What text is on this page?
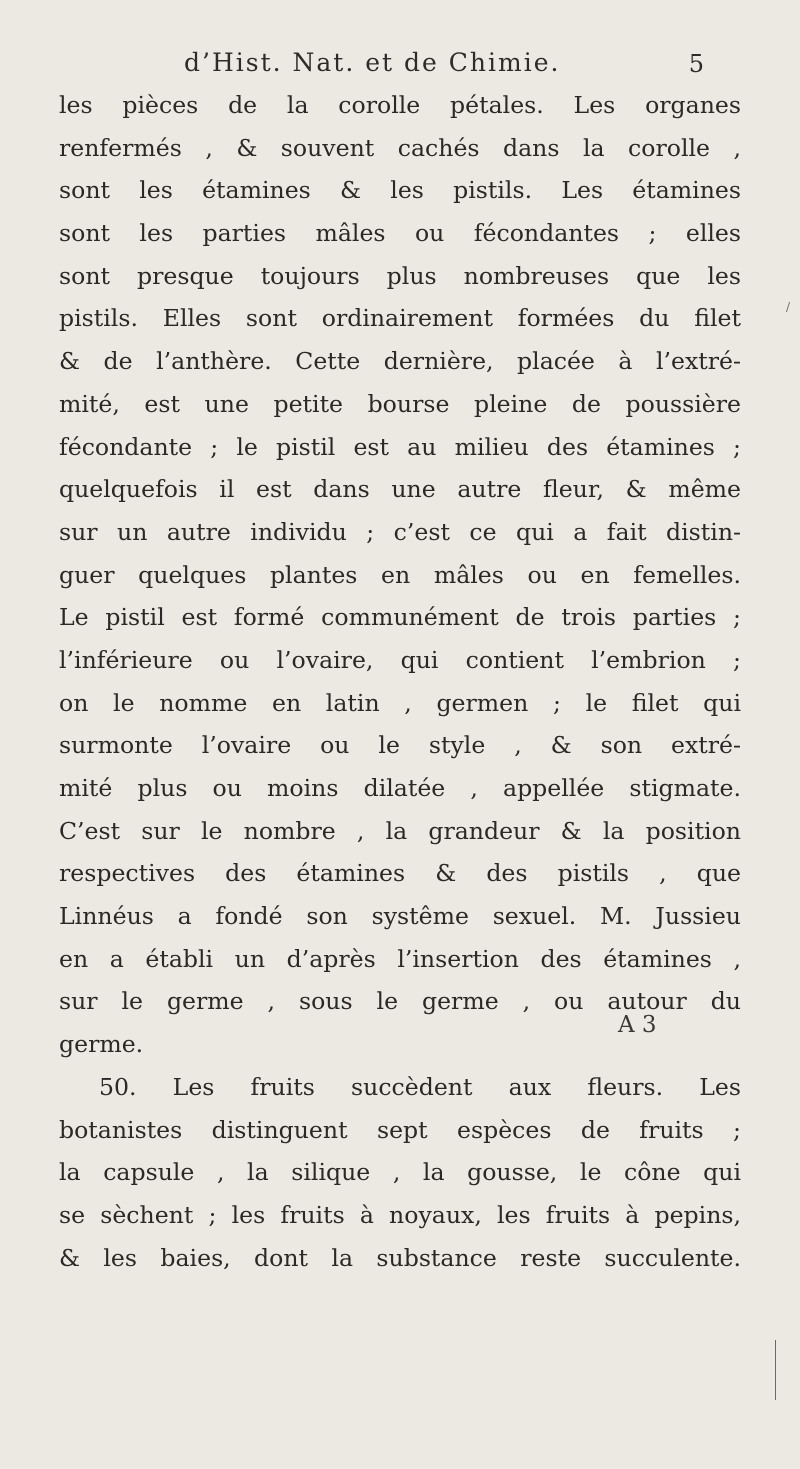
d’Hist. Nat. et de Chimie.	5
les pièces de la corolle pétales. Les organes
renfermés , & souvent cachés dans la corolle ,
sont les étamines & les pistils. Les étamines
sont les parties mâles ou fécondantes ; elles
sont presque toujours plus nombreuses que les
pistils. Elles sont ordinairement formées du filet
& de l’anthère. Cette dernière, placée à l’extré-
mité, est une petite bourse pleine de poussière
fécondante ; le pistil est au milieu des étamines ;
quelquefois il est dans une autre fleur, & même
sur un autre individu ; c’est ce qui a fait distin-
guer quelques plantes en mâles ou en femelles.
Le pistil est formé communément de trois parties ;
l’inférieure ou l’ovaire, qui contient l’embrion ;
on le nomme en latin , germen ; le filet qui
surmonte l’ovaire ou le style , & son extré-
mité plus ou moins dilatée , appellée stigmate.
C’est sur le nombre , la grandeur & la position
respectives des étamines & des pistils , que
Linnéus a fondé son systême sexuel. M. Jussieu
en a établi un d’après l’insertion des étamines ,
sur le germe , sous le germe , ou autour du
germe.
50. Les fruits succèdent aux fleurs. Les
botanistes distinguent sept espèces de fruits ;
la capsule , la silique , la gousse, le cône qui
se sèchent ; les fruits à noyaux, les fruits à pepins,
& les baies, dont la substance reste succulente.
A 3
/
